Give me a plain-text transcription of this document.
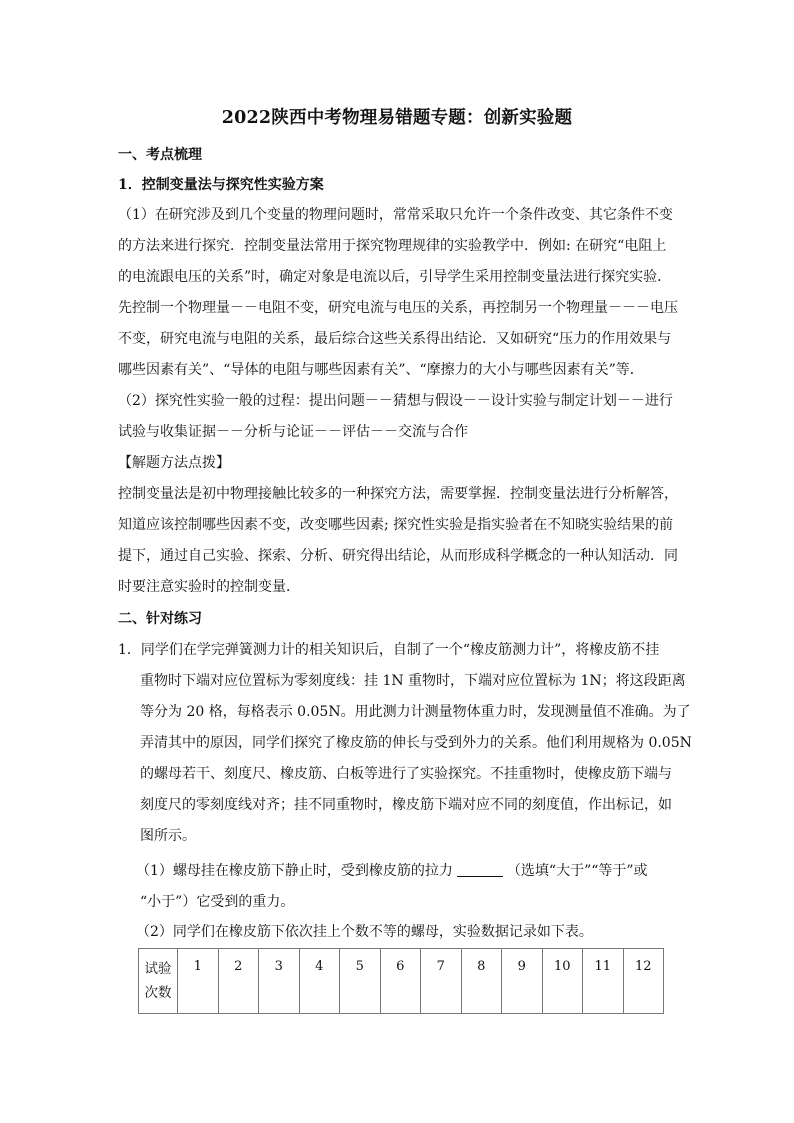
2022陕西中考物理易错题专题：创新实验题
一、考点梳理
1．控制变量法与探究性实验方案
（1）在研究涉及到几个变量的物理问题时，常常采取只允许一个条件改变、其它条件不变
的方法来进行探究．控制变量法常用于探究物理规律的实验教学中．例如: 在研究“电阻上
的电流跟电压的关系”时，确定对象是电流以后，引导学生采用控制变量法进行探究实验．
先控制一个物理量－－电阻不变，研究电流与电压的关系，再控制另一个物理量－－－电压
不变，研究电流与电阻的关系，最后综合这些关系得出结论．又如研究“压力的作用效果与
哪些因素有关”、“导体的电阻与哪些因素有关”、“摩擦力的大小与哪些因素有关”等．
（2）探究性实验一般的过程：提出问题－－猜想与假设－－设计实验与制定计划－－进行
试验与收集证据－－分析与论证－－评估－－交流与合作
【解题方法点拨】
控制变量法是初中物理接触比较多的一种探究方法，需要掌握．控制变量法进行分析解答，
知道应该控制哪些因素不变，改变哪些因素; 探究性实验是指实验者在不知晓实验结果的前
提下，通过自己实验、探索、分析、研究得出结论，从而形成科学概念的一种认知活动．同
时要注意实验时的控制变量．
二、针对练习
1．同学们在学完弹簧测力计的相关知识后，自制了一个“橡皮筋测力计”，将橡皮筋不挂
重物时下端对应位置标为零刻度线：挂 1N 重物时，下端对应位置标为 1N；将这段距离
等分为 20 格，每格表示 0.05N。用此测力计测量物体重力时，发现测量值不准确。为了
弄清其中的原因，同学们探究了橡皮筋的伸长与受到外力的关系。他们利用规格为 0.05N
的螺母若干、刻度尺、橡皮筋、白板等进行了实验探究。不挂重物时，使橡皮筋下端与
刻度尺的零刻度线对齐；挂不同重物时，橡皮筋下端对应不同的刻度值，作出标记，如
图所示。
（1）螺母挂在橡皮筋下静止时，受到橡皮筋的拉力	（选填“大于”“等于”或
“小于”）它受到的重力。
（2）同学们在橡皮筋下依次挂上个数不等的螺母，实验数据记录如下表。
试验
次数	1	2	3	4	5	6	7	8	9	10	11	12
